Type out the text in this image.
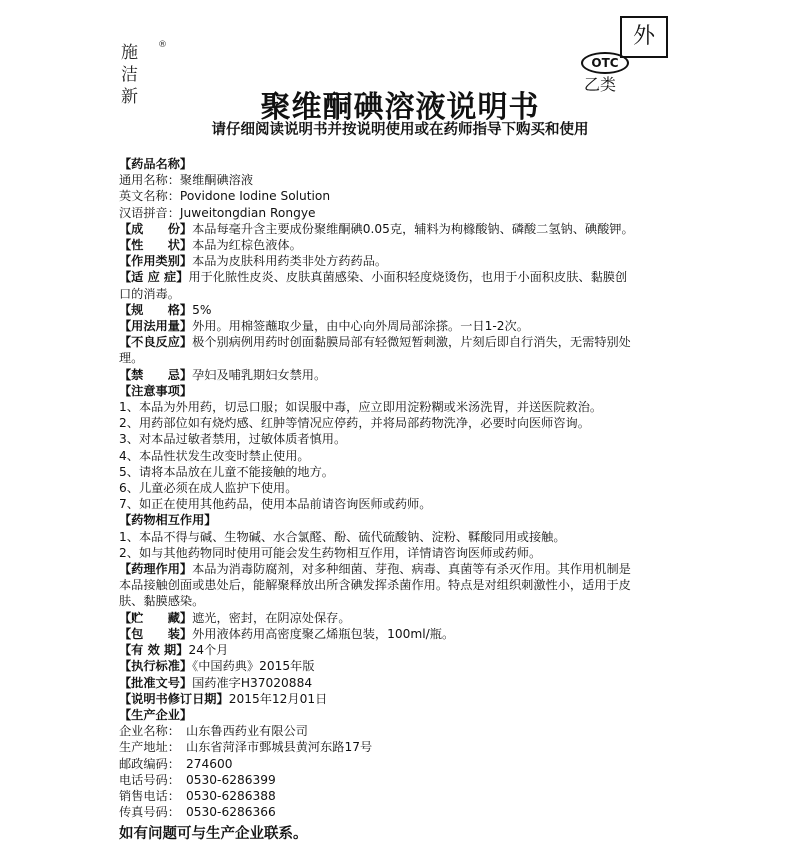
施
洁
新
®	外
OTC
乙类
聚维酮碘溶液说明书
请仔细阅读说明书并按说明使用或在药师指导下购买和使用
【药品名称】
通用名称：聚维酮碘溶液
英文名称：Povidone Iodine Solution
汉语拼音：Juweitongdian Rongye
【成　　份】本品每毫升含主要成份聚维酮碘0.05克，辅料为枸橼酸钠、磷酸二氢钠、碘酸钾。
【性　　状】本品为红棕色液体。
【作用类别】本品为皮肤科用药类非处方药药品。
【适 应 症】用于化脓性皮炎、皮肤真菌感染、小面积轻度烧烫伤，也用于小面积皮肤、黏膜创口的消毒。
【规　　格】5%
【用法用量】外用。用棉签蘸取少量，由中心向外周局部涂搽。一日1-2次。
【不良反应】极个别病例用药时创面黏膜局部有轻微短暂刺激，片刻后即自行消失，无需特别处理。
【禁　　忌】孕妇及哺乳期妇女禁用。
【注意事项】
1、本品为外用药，切忌口服；如误服中毒，应立即用淀粉糊或米汤洗胃，并送医院救治。
2、用药部位如有烧灼感、红肿等情况应停药，并将局部药物洗净，必要时向医师咨询。
3、对本品过敏者禁用，过敏体质者慎用。
4、本品性状发生改变时禁止使用。
5、请将本品放在儿童不能接触的地方。
6、儿童必须在成人监护下使用。
7、如正在使用其他药品，使用本品前请咨询医师或药师。
【药物相互作用】
1、本品不得与碱、生物碱、水合氯醛、酚、硫代硫酸钠、淀粉、鞣酸同用或接触。
2、如与其他药物同时使用可能会发生药物相互作用，详情请咨询医师或药师。
【药理作用】本品为消毒防腐剂，对多种细菌、芽孢、病毒、真菌等有杀灭作用。其作用机制是本品接触创面或患处后，能解聚释放出所含碘发挥杀菌作用。特点是对组织刺激性小，适用于皮肤、黏膜感染。
【贮　　藏】遮光，密封，在阴凉处保存。
【包　　装】外用液体药用高密度聚乙烯瓶包装，100ml/瓶。
【有 效 期】24个月
【执行标准】《中国药典》2015年版
【批准文号】国药准字H37020884
【说明书修订日期】2015年12月01日
【生产企业】
企业名称：　山东鲁西药业有限公司
生产地址：　山东省菏泽市鄄城县黄河东路17号
邮政编码：　274600
电话号码：　0530-6286399
销售电话：　0530-6286388
传真号码：　0530-6286366
如有问题可与生产企业联系。
